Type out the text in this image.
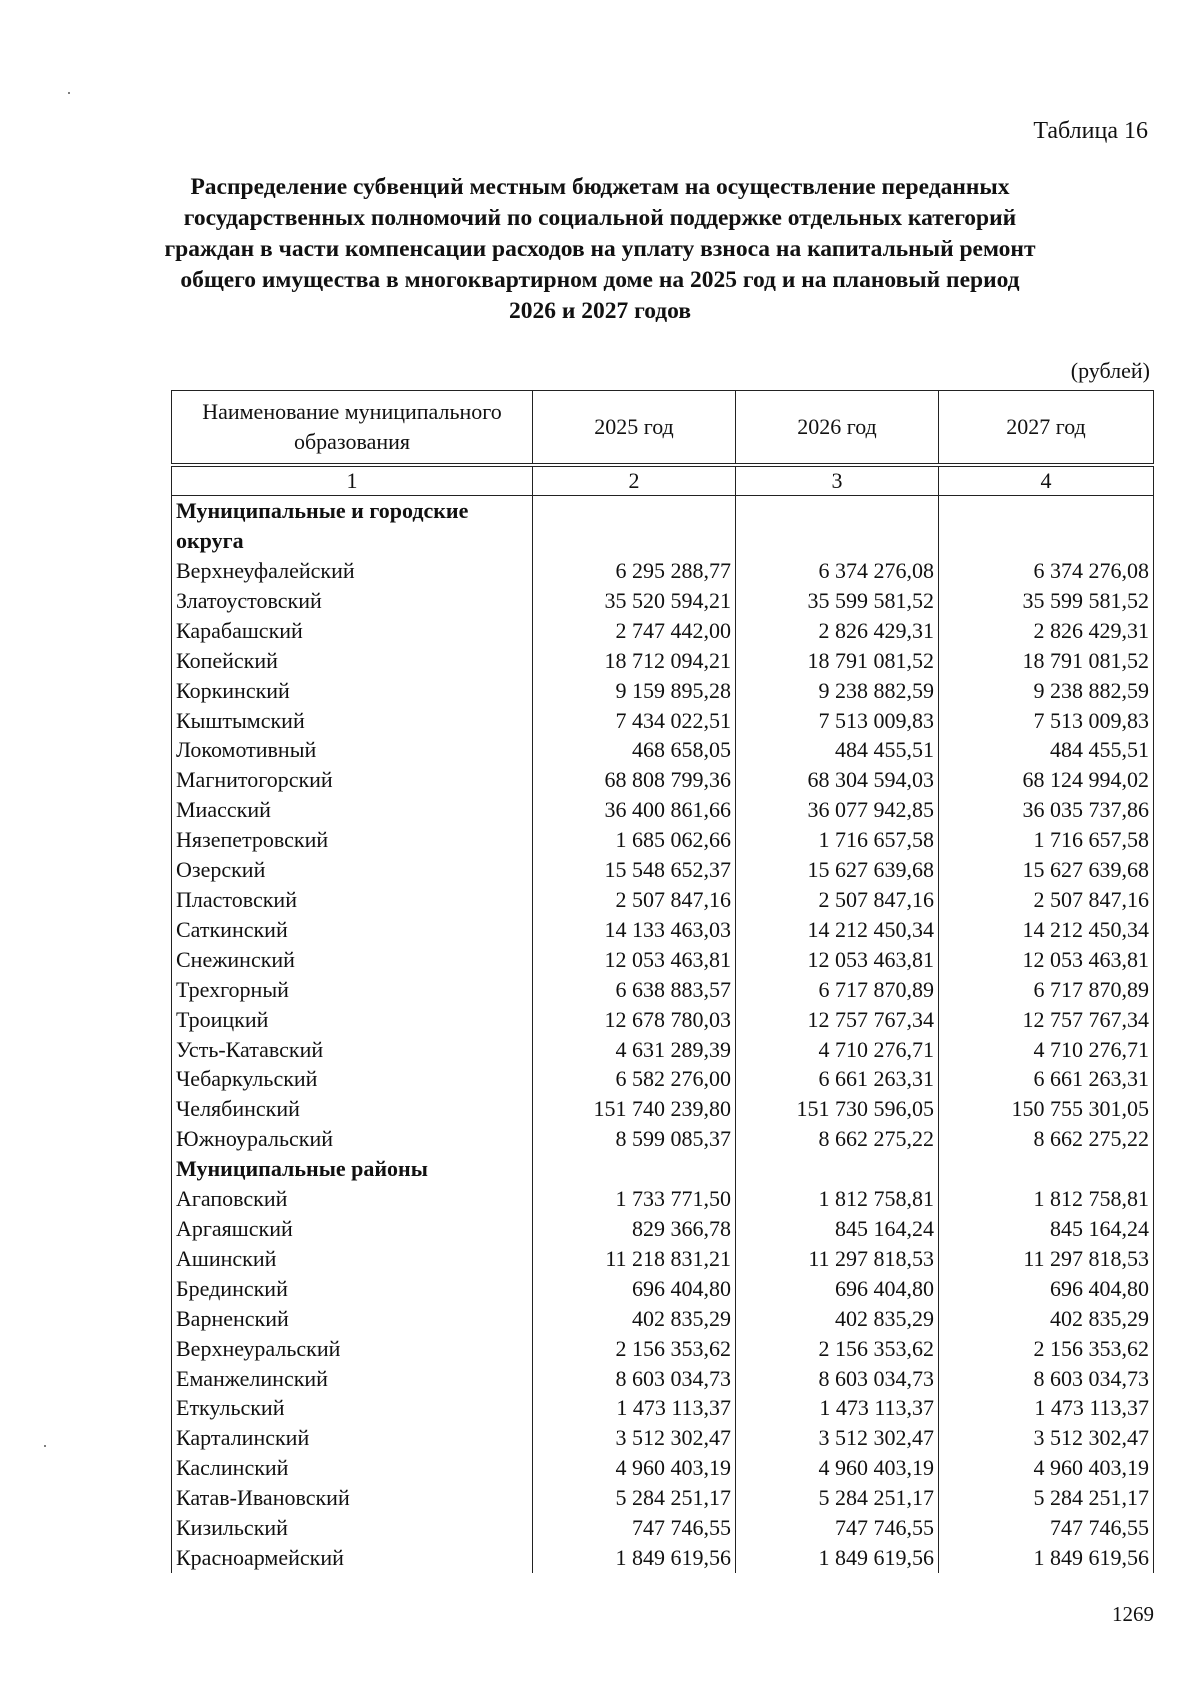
Таблица 16

Распределение субвенций местным бюджетам на осуществление переданных государственных полномочий по социальной поддержке отдельных категорий граждан в части компенсации расходов на уплату взноса на капитальный ремонт общего имущества в многоквартирном доме на 2025 год и на плановый период 2026 и 2027 годов
(рублей)
Наименование муниципального образования	2025 год	2026 год	2027 год
1	2	3	4
Муниципальные и городские округа			
Верхнеуфалейский	6 295 288,77	6 374 276,08	6 374 276,08
Златоустовский	35 520 594,21	35 599 581,52	35 599 581,52
Карабашский	2 747 442,00	2 826 429,31	2 826 429,31
Копейский	18 712 094,21	18 791 081,52	18 791 081,52
Коркинский	9 159 895,28	9 238 882,59	9 238 882,59
Кыштымский	7 434 022,51	7 513 009,83	7 513 009,83
Локомотивный	468 658,05	484 455,51	484 455,51
Магнитогорский	68 808 799,36	68 304 594,03	68 124 994,02
Миасский	36 400 861,66	36 077 942,85	36 035 737,86
Нязепетровский	1 685 062,66	1 716 657,58	1 716 657,58
Озерский	15 548 652,37	15 627 639,68	15 627 639,68
Пластовский	2 507 847,16	2 507 847,16	2 507 847,16
Саткинский	14 133 463,03	14 212 450,34	14 212 450,34
Снежинский	12 053 463,81	12 053 463,81	12 053 463,81
Трехгорный	6 638 883,57	6 717 870,89	6 717 870,89
Троицкий	12 678 780,03	12 757 767,34	12 757 767,34
Усть-Катавский	4 631 289,39	4 710 276,71	4 710 276,71
Чебаркульский	6 582 276,00	6 661 263,31	6 661 263,31
Челябинский	151 740 239,80	151 730 596,05	150 755 301,05
Южноуральский	8 599 085,37	8 662 275,22	8 662 275,22
Муниципальные районы			
Агаповский	1 733 771,50	1 812 758,81	1 812 758,81
Аргаяшский	829 366,78	845 164,24	845 164,24
Ашинский	11 218 831,21	11 297 818,53	11 297 818,53
Брединский	696 404,80	696 404,80	696 404,80
Варненский	402 835,29	402 835,29	402 835,29
Верхнеуральский	2 156 353,62	2 156 353,62	2 156 353,62
Еманжелинский	8 603 034,73	8 603 034,73	8 603 034,73
Еткульский	1 473 113,37	1 473 113,37	1 473 113,37
Карталинский	3 512 302,47	3 512 302,47	3 512 302,47
Каслинский	4 960 403,19	4 960 403,19	4 960 403,19
Катав-Ивановский	5 284 251,17	5 284 251,17	5 284 251,17
Кизильский	747 746,55	747 746,55	747 746,55
Красноармейский	1 849 619,56	1 849 619,56	1 849 619,56
1269
